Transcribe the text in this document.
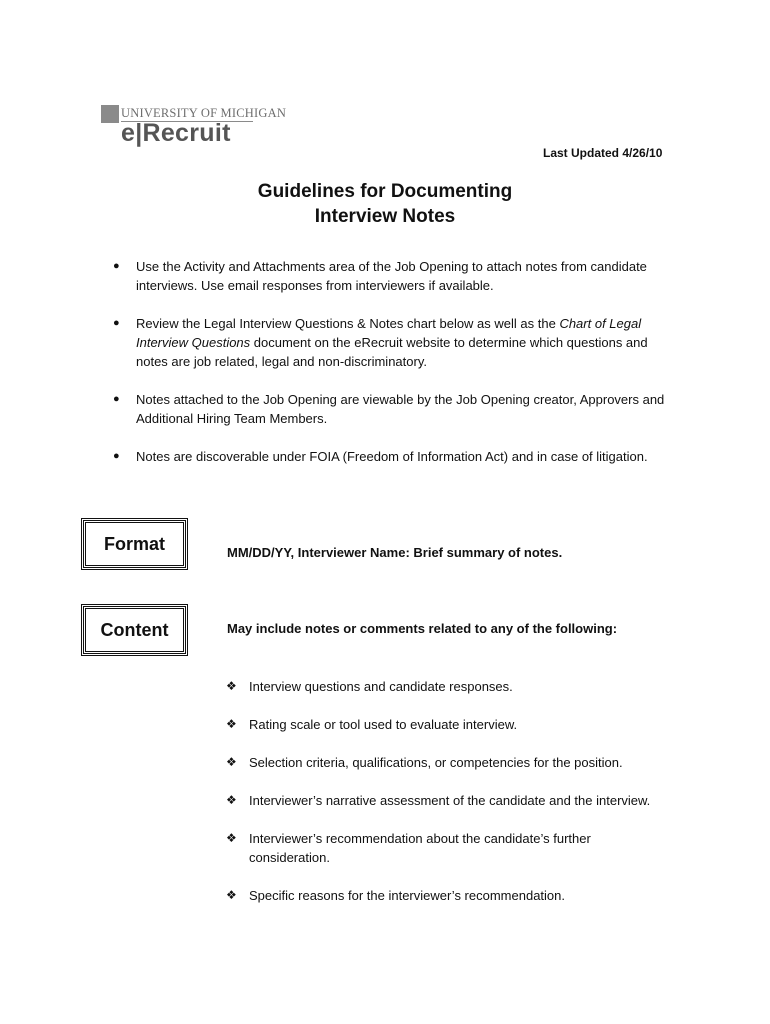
UNIVERSITY OF MICHIGAN
e|Recruit
Last Updated 4/26/10
Guidelines for Documenting
Interview Notes
● Use the Activity and Attachments area of the Job Opening to attach notes from candidate interviews. Use email responses from interviewers if available.
● Review the Legal Interview Questions & Notes chart below as well as the Chart of Legal Interview Questions document on the eRecruit website to determine which questions and notes are job related, legal and non-discriminatory.
● Notes attached to the Job Opening are viewable by the Job Opening creator, Approvers and Additional Hiring Team Members.
● Notes are discoverable under FOIA (Freedom of Information Act) and in case of litigation.
Format	MM/DD/YY, Interviewer Name: Brief summary of notes.
Content	May include notes or comments related to any of the following:
❖ Interview questions and candidate responses.
❖ Rating scale or tool used to evaluate interview.
❖ Selection criteria, qualifications, or competencies for the position.
❖ Interviewer’s narrative assessment of the candidate and the interview.
❖ Interviewer’s recommendation about the candidate’s further consideration.
❖ Specific reasons for the interviewer’s recommendation.
